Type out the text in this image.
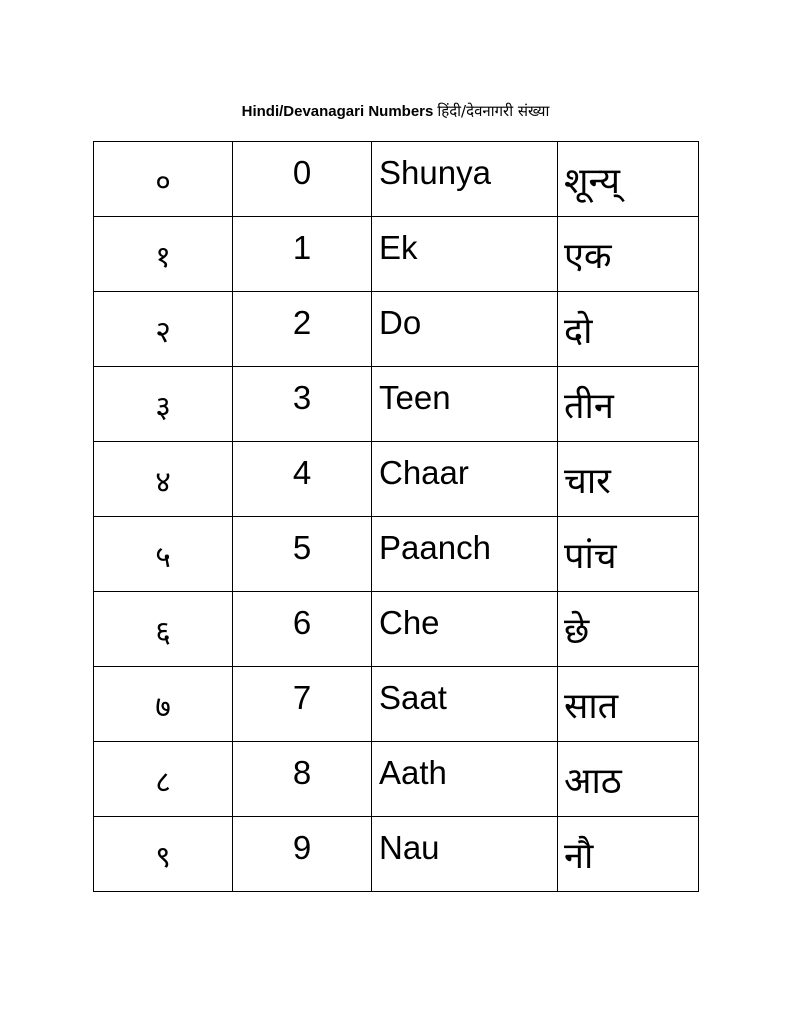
Hindi/Devanagari Numbers हिंदी/देवनागरी संख्या
०	0	Shunya	शून्य्
१	1	Ek	एक
२	2	Do	दो
३	3	Teen	तीन
४	4	Chaar	चार
५	5	Paanch	पांच
६	6	Che	छे
७	7	Saat	सात
८	8	Aath	आठ
९	9	Nau	नौ
